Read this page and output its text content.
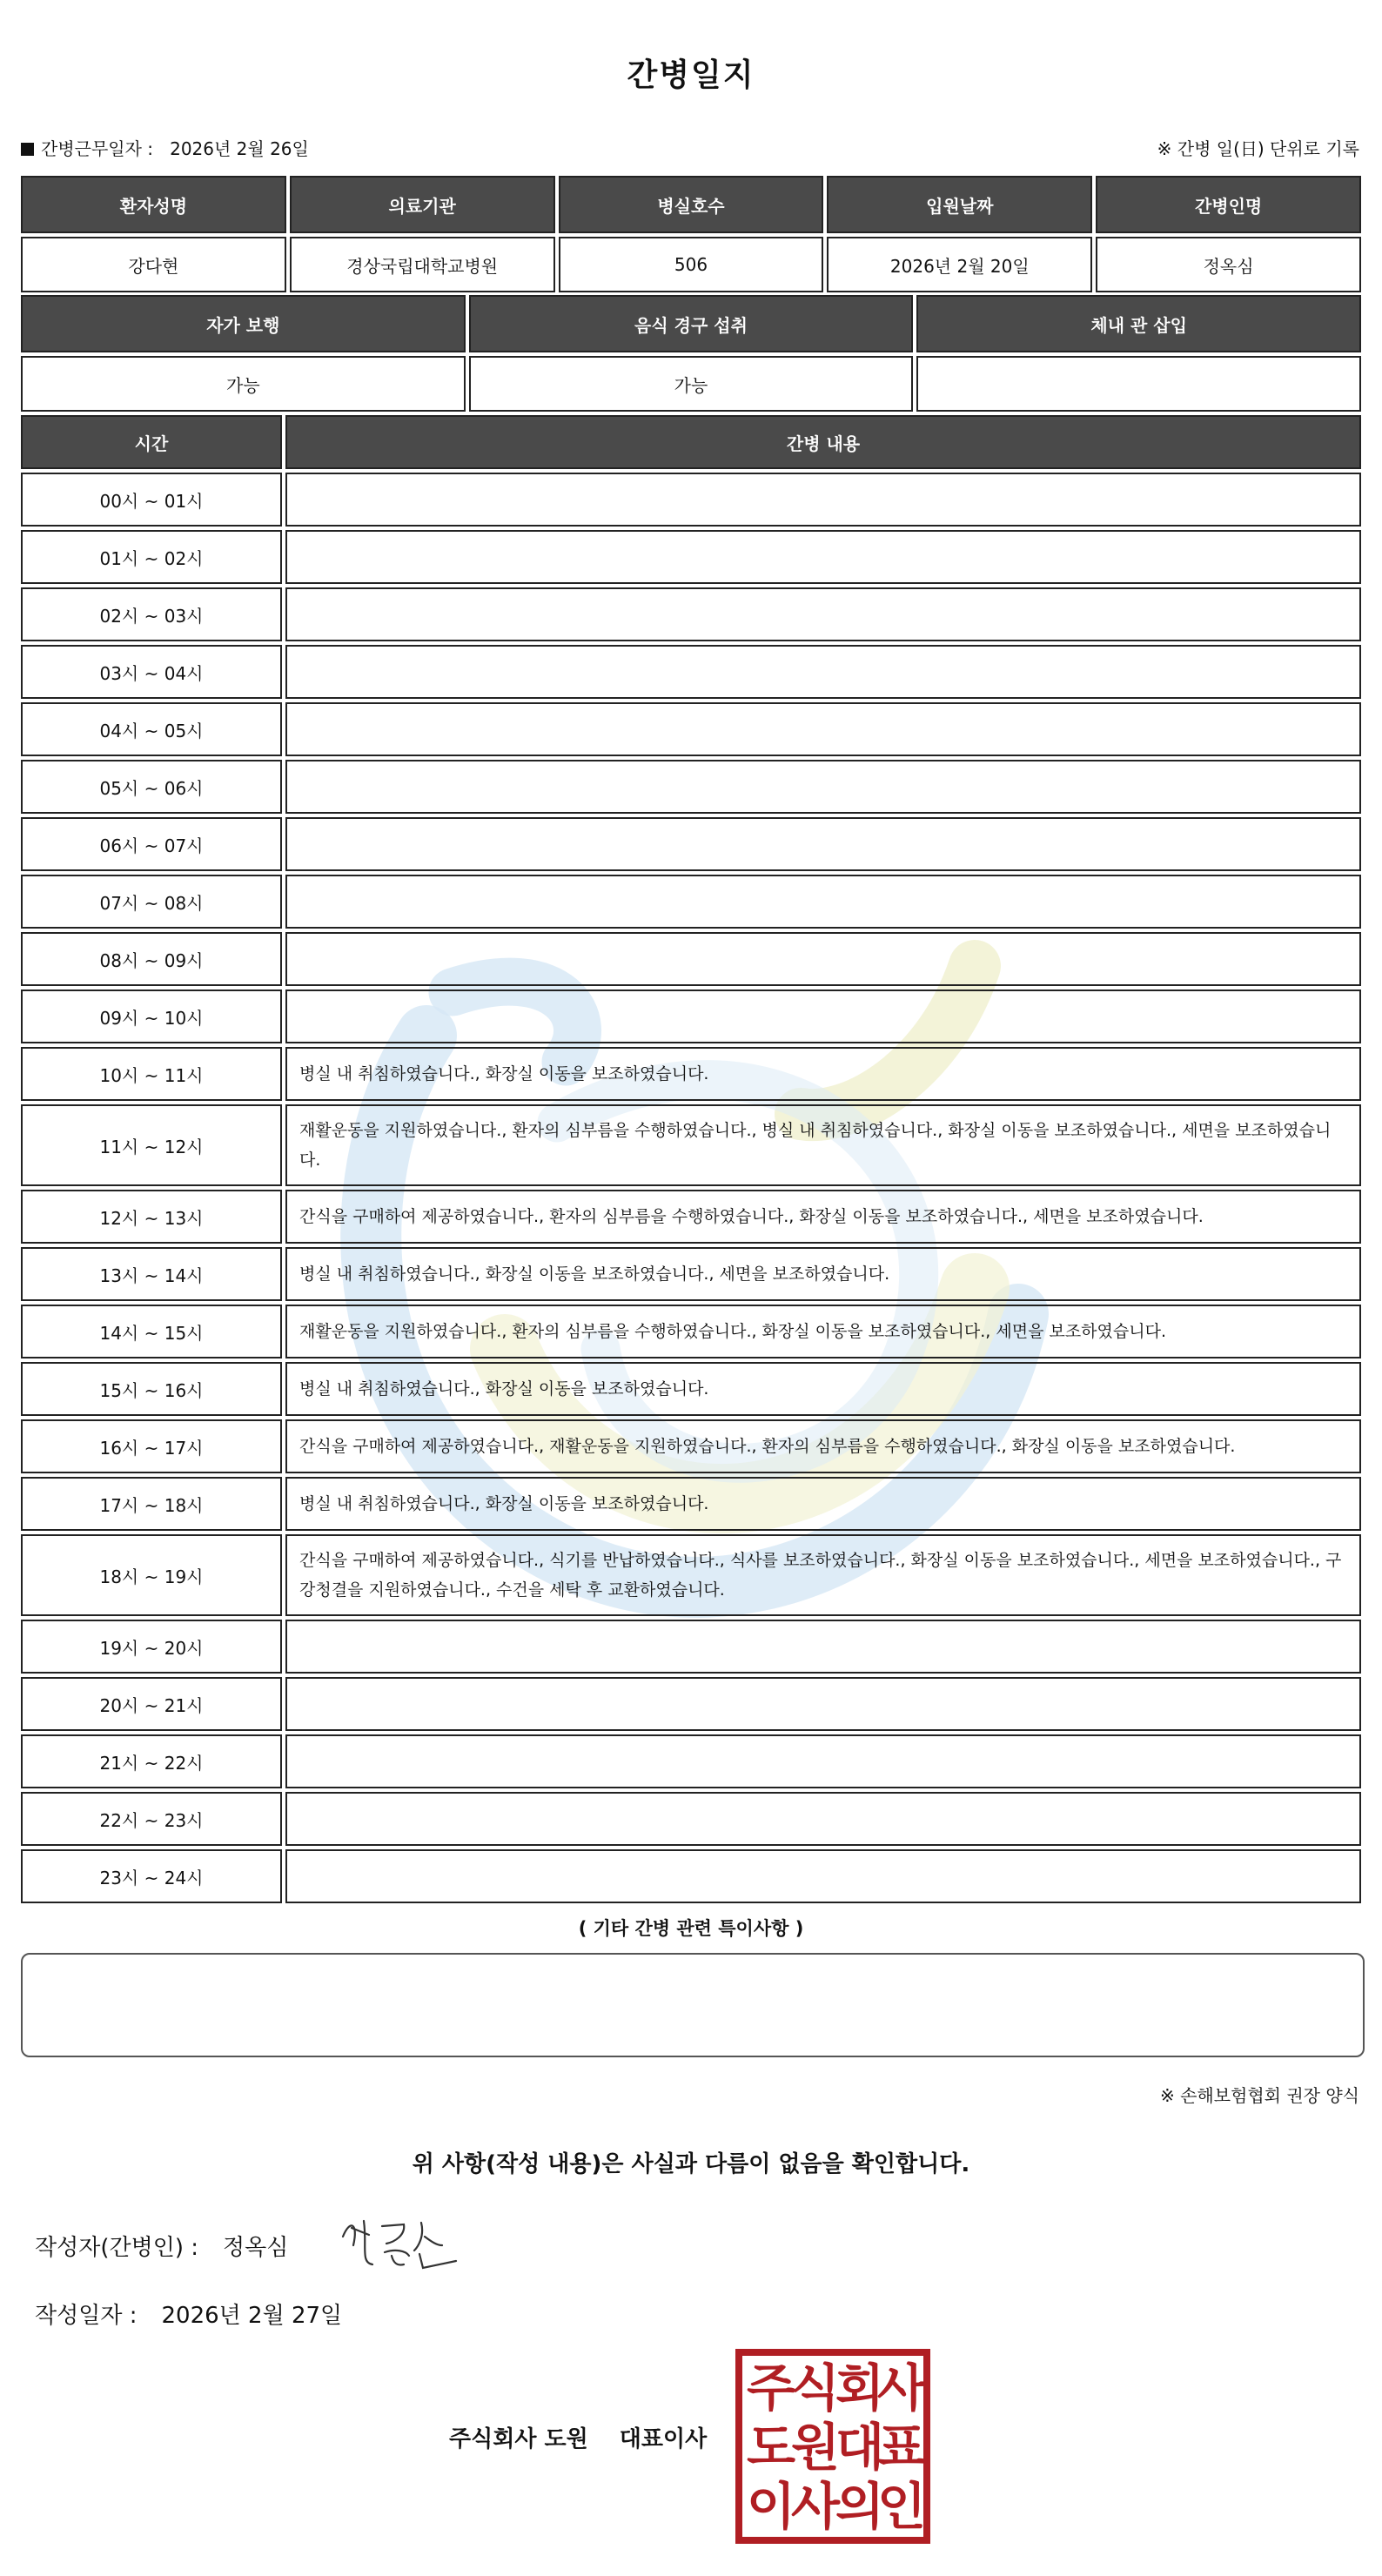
간병일지
간병근무일자 : 2026년 2월 26일	※ 간병 일(日) 단위로 기록
환자성명	의료기관	병실호수	입원날짜	간병인명
강다현	경상국립대학교병원	506	2026년 2월 20일	정옥심
자가 보행	음식 경구 섭취	체내 관 삽입
가능	가능	
시간	간병 내용
00시 ~ 01시	
01시 ~ 02시	
02시 ~ 03시	
03시 ~ 04시	
04시 ~ 05시	
05시 ~ 06시	
06시 ~ 07시	
07시 ~ 08시	
08시 ~ 09시	
09시 ~ 10시	
10시 ~ 11시	병실 내 취침하였습니다., 화장실 이동을 보조하였습니다.
11시 ~ 12시	재활운동을 지원하였습니다., 환자의 심부름을 수행하였습니다., 병실 내 취침하였습니다., 화장실 이동을 보조하였습니다., 세면을 보조하였습니다.
12시 ~ 13시	간식을 구매하여 제공하였습니다., 환자의 심부름을 수행하였습니다., 화장실 이동을 보조하였습니다., 세면을 보조하였습니다.
13시 ~ 14시	병실 내 취침하였습니다., 화장실 이동을 보조하였습니다., 세면을 보조하였습니다.
14시 ~ 15시	재활운동을 지원하였습니다., 환자의 심부름을 수행하였습니다., 화장실 이동을 보조하였습니다., 세면을 보조하였습니다.
15시 ~ 16시	병실 내 취침하였습니다., 화장실 이동을 보조하였습니다.
16시 ~ 17시	간식을 구매하여 제공하였습니다., 재활운동을 지원하였습니다., 환자의 심부름을 수행하였습니다., 화장실 이동을 보조하였습니다.
17시 ~ 18시	병실 내 취침하였습니다., 화장실 이동을 보조하였습니다.
18시 ~ 19시	간식을 구매하여 제공하였습니다., 식기를 반납하였습니다., 식사를 보조하였습니다., 화장실 이동을 보조하였습니다., 세면을 보조하였습니다., 구강청결을 지원하였습니다., 수건을 세탁 후 교환하였습니다.
19시 ~ 20시	
20시 ~ 21시	
21시 ~ 22시	
22시 ~ 23시	
23시 ~ 24시	
( 기타 간병 관련 특이사항 )
※ 손해보험협회 권장 양식
위 사항(작성 내용)은 사실과 다름이 없음을 확인합니다.
작성자(간병인) : 정옥심
작성일자 : 2026년 2월 27일
주식회사 도원 대표이사
주
식
회
사
도
원
대
표
이
사
의
인
